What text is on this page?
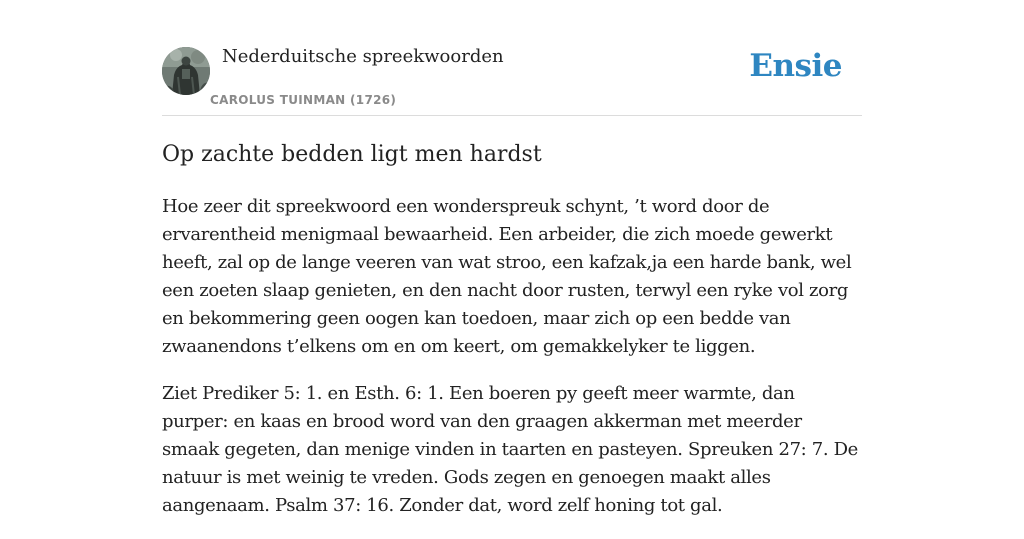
Nederduitsche spreekwoorden
CAROLUS TUINMAN (1726)
Ensie
Op zachte bedden ligt men hardst

Hoe zeer dit spreekwoord een wonderspreuk schynt, ’t word door de ervarentheid menigmaal bewaarheid. Een arbeider, die zich moede gewerkt heeft, zal op de lange veeren van wat stroo, een kafzak,ja een harde bank, wel een zoeten slaap genieten, en den nacht door rusten, terwyl een ryke vol zorg en bekommering geen oogen kan toedoen, maar zich op een bedde van zwaanendons t’elkens om en om keert, om gemakkelyker te liggen.

Ziet Prediker 5: 1. en Esth. 6: 1. Een boeren py geeft meer warmte, dan purper: en kaas en brood word van den graagen akkerman met meerder smaak gegeten, dan menige vinden in taarten en pasteyen. Spreuken 27: 7. De natuur is met weinig te vreden. Gods zegen en genoegen maakt alles aangenaam. Psalm 37: 16. Zonder dat, word zelf honing tot gal.
